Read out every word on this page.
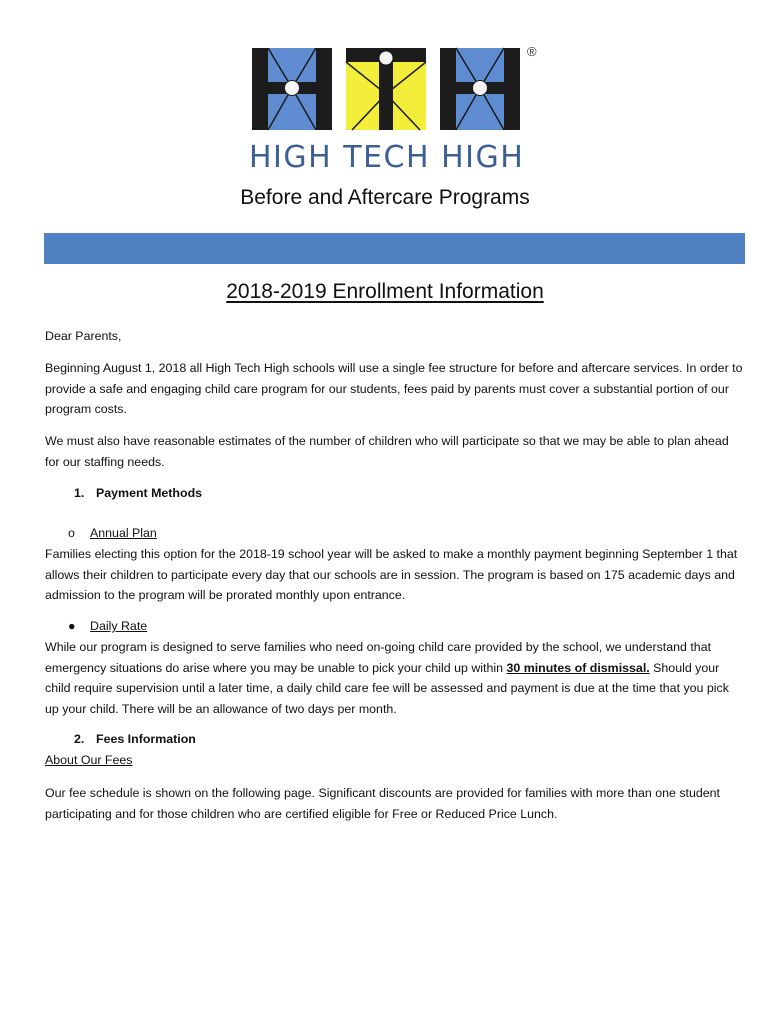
®
HIGH TECH HIGH
Before and Aftercare Programs
2018-2019 Enrollment Information

Dear Parents,

Beginning August 1, 2018 all High Tech High schools will use a single fee structure for before and aftercare services. In order to provide a safe and engaging child care program for our students, fees paid by parents must cover a substantial portion of our program costs.

We must also have reasonable estimates of the number of children who will participate so that we may be able to plan ahead for our staffing needs.

1. Payment Methods
o Annual Plan

Families electing this option for the 2018-19 school year will be asked to make a monthly payment beginning September 1 that allows their children to participate every day that our schools are in session. The program is based on 175 academic days and admission to the program will be prorated monthly upon entrance.

● Daily Rate

While our program is designed to serve families who need on-going child care provided by the school, we understand that emergency situations do arise where you may be unable to pick your child up within 30 minutes of dismissal. Should your child require supervision until a later time, a daily child care fee will be assessed and payment is due at the time that you pick up your child. There will be an allowance of two days per month.

2. Fees Information

About Our Fees

Our fee schedule is shown on the following page. Significant discounts are provided for families with more than one student participating and for those children who are certified eligible for Free or Reduced Price Lunch.
